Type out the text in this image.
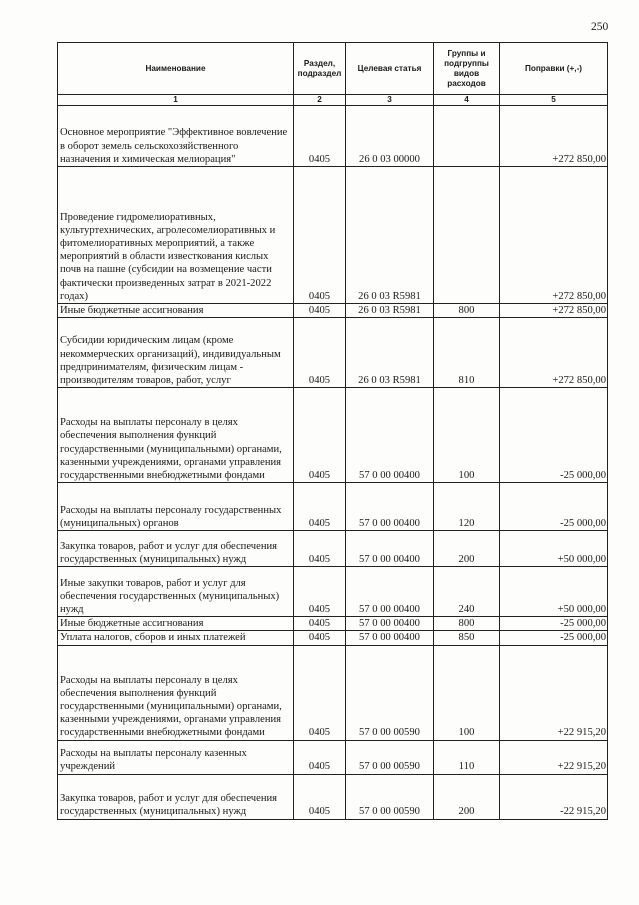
250
Наименование	Раздел, подраздел	Целевая статья	Группы и подгруппы видов расходов	Поправки (+,-)
1	2	3	4	5
Основное мероприятие "Эффективное вовлечение в оборот земель сельскохозяйственного назначения и химическая мелиорация"	0405	26 0 03 00000		+272 850,00
Проведение гидромелиоративных, культуртехнических, агролесомелиоративных и фитомелиоративных мероприятий, а также мероприятий в области известкования кислых почв на пашне (субсидии на возмещение части фактически произведенных затрат в 2021-2022 годах)	0405	26 0 03 R5981		+272 850,00
Иные бюджетные ассигнования	0405	26 0 03 R5981	800	+272 850,00
Субсидии юридическим лицам (кроме некоммерческих организаций), индивидуальным предпринимателям, физическим лицам - производителям товаров, работ, услуг	0405	26 0 03 R5981	810	+272 850,00
Расходы на выплаты персоналу в целях обеспечения выполнения функций государственными (муниципальными) органами, казенными учреждениями, органами управления государственными внебюджетными фондами	0405	57 0 00 00400	100	-25 000,00
Расходы на выплаты персоналу государственных (муниципальных) органов	0405	57 0 00 00400	120	-25 000,00
Закупка товаров, работ и услуг для обеспечения государственных (муниципальных) нужд	0405	57 0 00 00400	200	+50 000,00
Иные закупки товаров, работ и услуг для обеспечения государственных (муниципальных) нужд	0405	57 0 00 00400	240	+50 000,00
Иные бюджетные ассигнования	0405	57 0 00 00400	800	-25 000,00
Уплата налогов, сборов и иных платежей	0405	57 0 00 00400	850	-25 000,00
Расходы на выплаты персоналу в целях обеспечения выполнения функций государственными (муниципальными) органами, казенными учреждениями, органами управления государственными внебюджетными фондами	0405	57 0 00 00590	100	+22 915,20
Расходы на выплаты персоналу казенных учреждений	0405	57 0 00 00590	110	+22 915,20
Закупка товаров, работ и услуг для обеспечения государственных (муниципальных) нужд	0405	57 0 00 00590	200	-22 915,20
